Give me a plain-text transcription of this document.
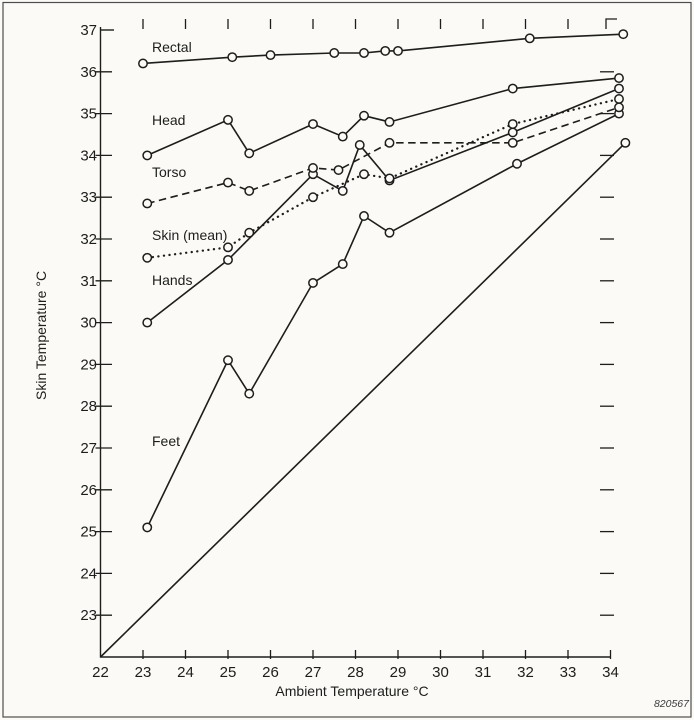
23
24
25
26
27
28
29
30
31
32
33
34
35
36
37
22 23 24 25 26 27 28 29 30 31 32 33 34
Rectal
Head
Torso
Skin (mean)
Hands
Feet
Skin Temperature °C
Ambient Temperature °C
820567
